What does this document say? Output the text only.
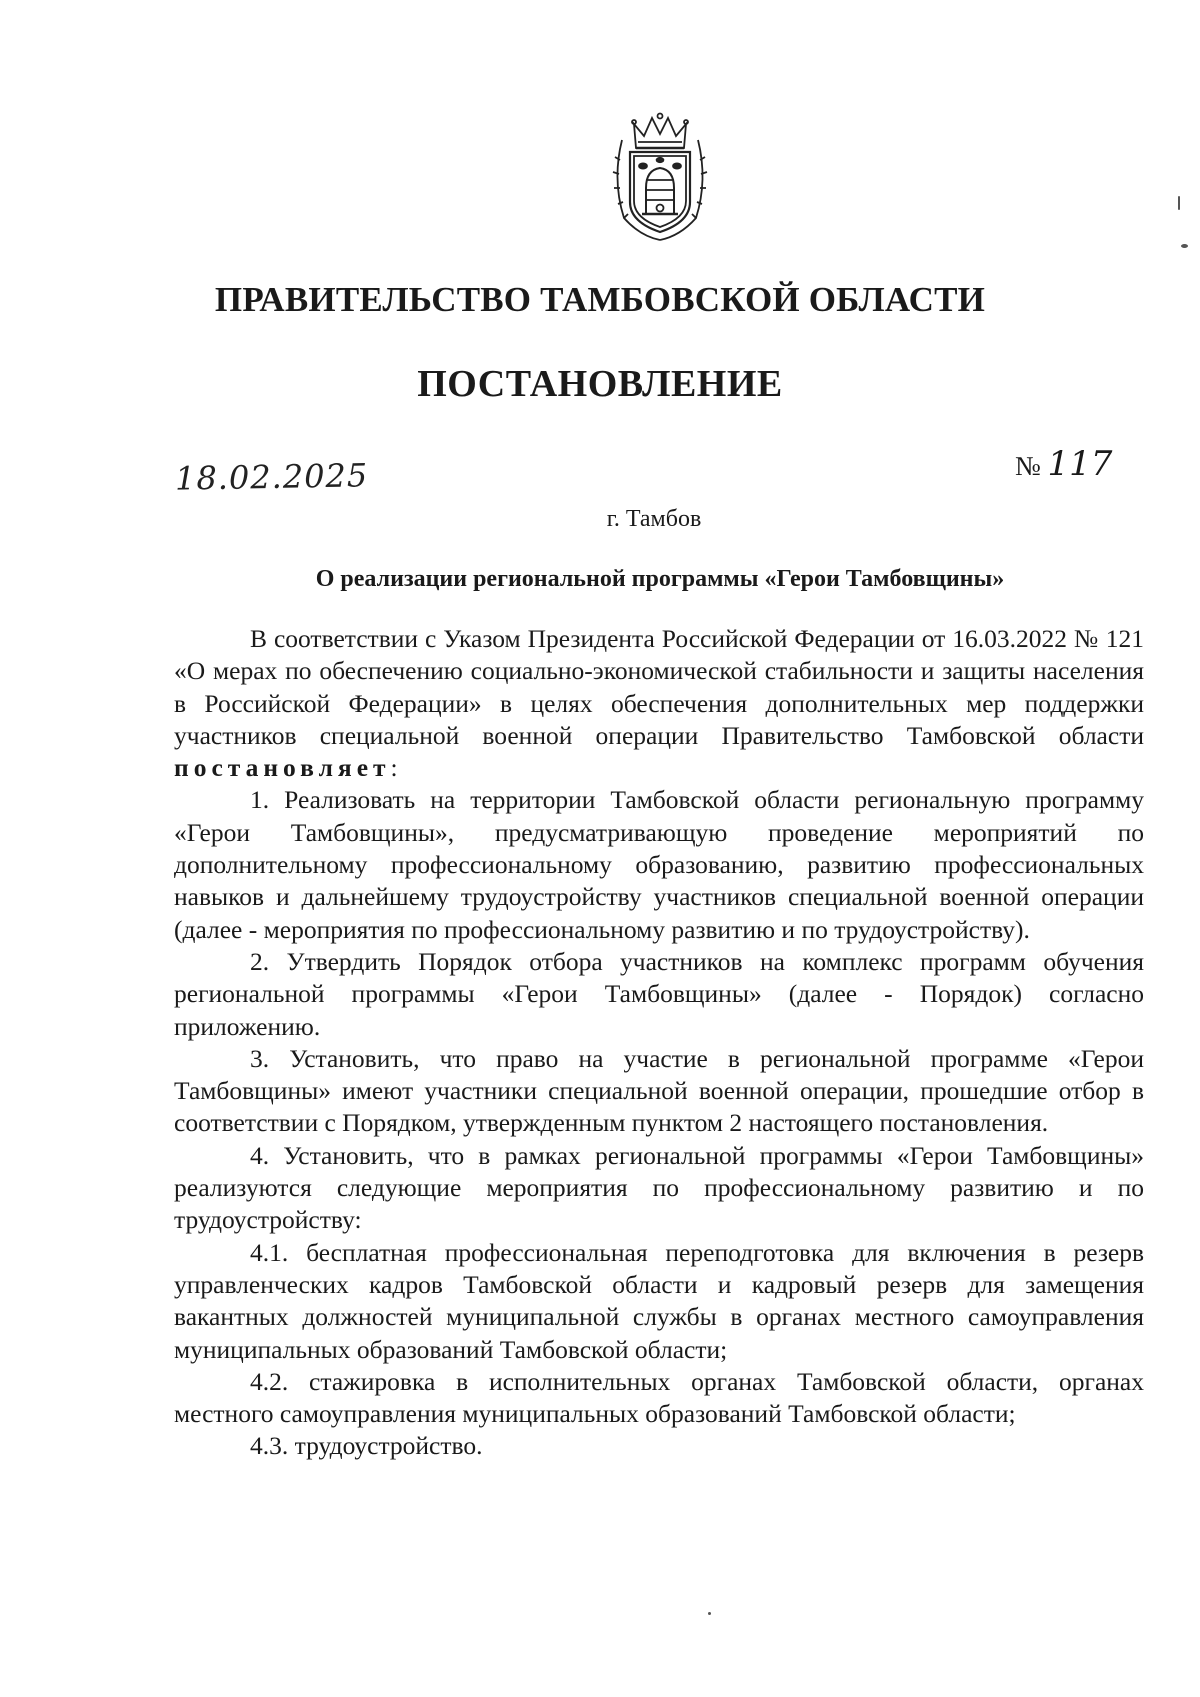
ПРАВИТЕЛЬСТВО ТАМБОВСКОЙ ОБЛАСТИ
ПОСТАНОВЛЕНИЕ
18.02.2025	№ 117
г. Тамбов
О реализации региональной программы «Герои Тамбовщины»

В соответствии с Указом Президента Российской Федерации от 16.03.2022 № 121 «О мерах по обеспечению социально-экономической стабильности и защиты населения в Российской Федерации» в целях обеспечения дополнительных мер поддержки участников специальной военной операции Правительство Тамбовской области постановляет:

1. Реализовать на территории Тамбовской области региональную программу «Герои Тамбовщины», предусматривающую проведение мероприятий по дополнительному профессиональному образованию, развитию профессиональных навыков и дальнейшему трудоустройству участников специальной военной операции (далее - мероприятия по профессиональному развитию и по трудоустройству).

2. Утвердить Порядок отбора участников на комплекс программ обучения региональной программы «Герои Тамбовщины» (далее - Порядок) согласно приложению.

3. Установить, что право на участие в региональной программе «Герои Тамбовщины» имеют участники специальной военной операции, прошедшие отбор в соответствии с Порядком, утвержденным пунктом 2 настоящего постановления.

4. Установить, что в рамках региональной программы «Герои Тамбовщины» реализуются следующие мероприятия по профессиональному развитию и по трудоустройству:

4.1. бесплатная профессиональная переподготовка для включения в резерв управленческих кадров Тамбовской области и кадровый резерв для замещения вакантных должностей муниципальной службы в органах местного самоуправления муниципальных образований Тамбовской области;

4.2. стажировка в исполнительных органах Тамбовской области, органах местного самоуправления муниципальных образований Тамбовской области;

4.3. трудоустройство.
